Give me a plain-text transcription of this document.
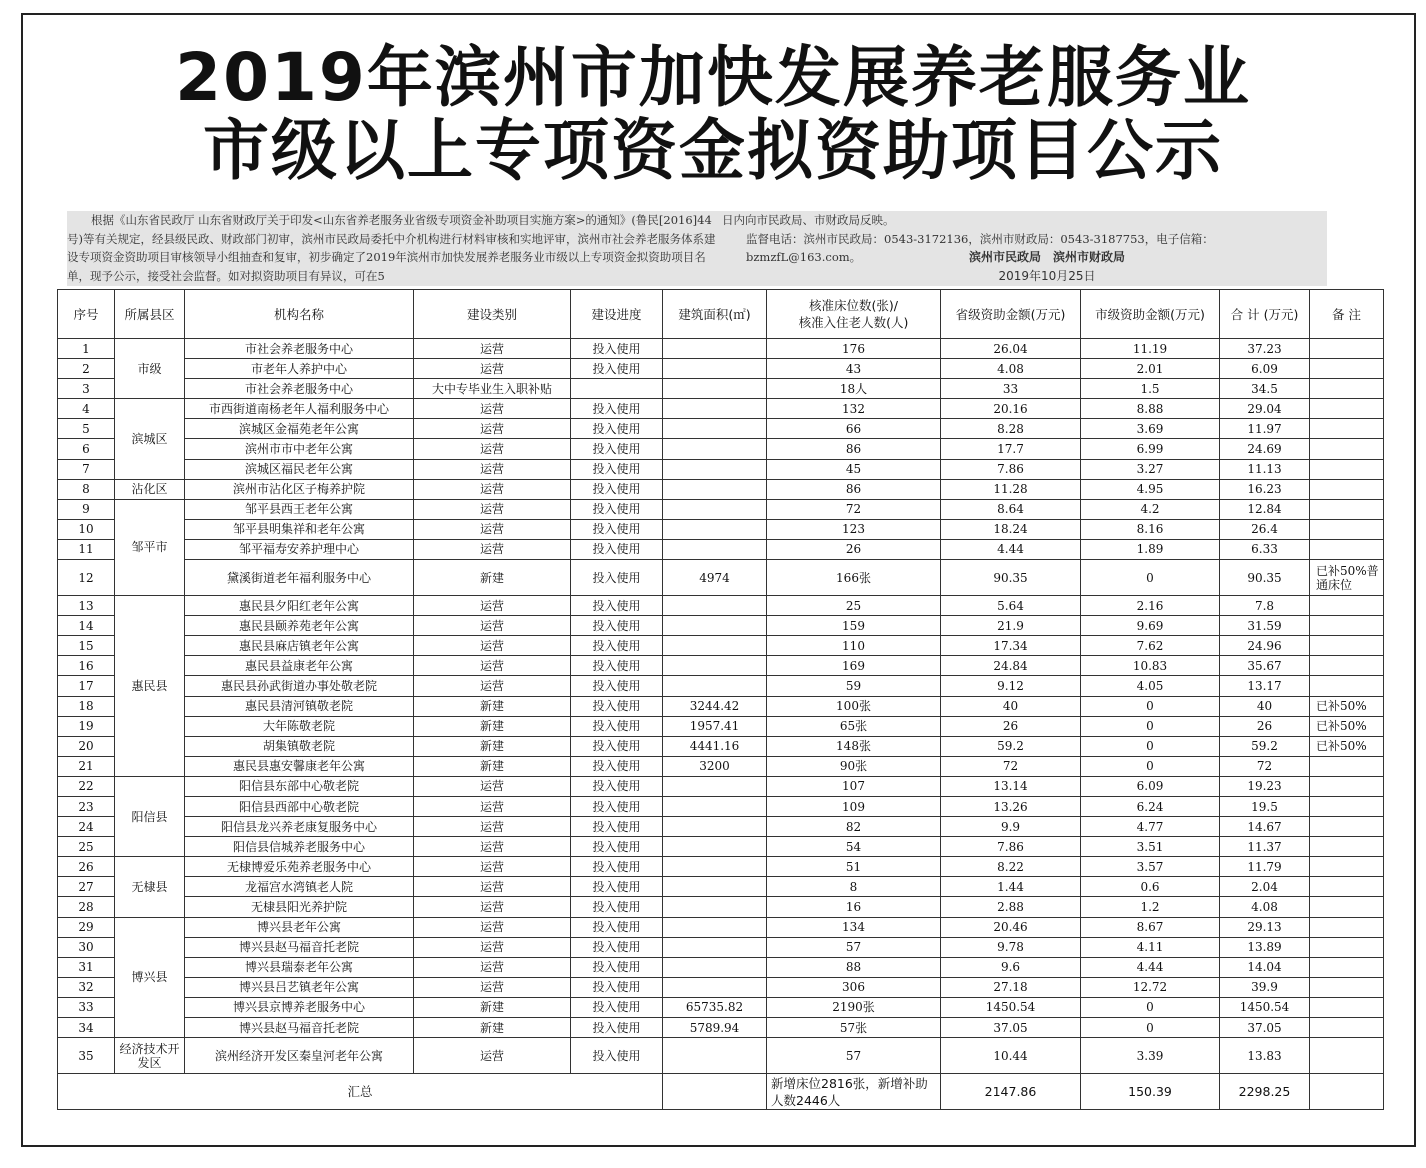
2019年滨州市加快发展养老服务业
市级以上专项资金拟资助项目公示
根据《山东省民政厅 山东省财政厅关于印发<山东省养老服务业省级专项资金补助项目实施方案>的通知》(鲁民[2016]44号)等有关规定，经县级民政、财政部门初审，滨州市民政局委托中介机构进行材料审核和实地评审，滨州市社会养老服务体系建设专项资金资助项目审核领导小组抽查和复审，初步确定了2019年滨州市加快发展养老服务业市级以上专项资金拟资助项目名单，现予公示，接受社会监督。如对拟资助项目有异议，可在5
日内向市民政局、市财政局反映。
监督电话：滨州市民政局：0543-3172136，滨州市财政局：0543-3187753，电子信箱：bzmzfL@163.com。	滨州市民政局　滨州市财政局
2019年10月25日
序号	所属县区	机构名称	建设类别	建设进度	建筑面积(㎡)	核准床位数(张)/
核准入住老人数(人)	省级资助金额(万元)	市级资助金额(万元)	合 计 (万元)	备 注
1	市级	市社会养老服务中心	运营	投入使用		176	26.04	11.19	37.23	
2		市老年人养护中心	运营	投入使用		43	4.08	2.01	6.09	
3		市社会养老服务中心	大中专毕业生入职补贴			18人	33	1.5	34.5	
4	滨城区	市西街道南杨老年人福利服务中心	运营	投入使用		132	20.16	8.88	29.04	
5		滨城区金福苑老年公寓	运营	投入使用		66	8.28	3.69	11.97	
6		滨州市市中老年公寓	运营	投入使用		86	17.7	6.99	24.69	
7		滨城区福民老年公寓	运营	投入使用		45	7.86	3.27	11.13	
8	沾化区	滨州市沾化区子梅养护院	运营	投入使用		86	11.28	4.95	16.23	
9	邹平市	邹平县西王老年公寓	运营	投入使用		72	8.64	4.2	12.84	
10		邹平县明集祥和老年公寓	运营	投入使用		123	18.24	8.16	26.4	
11		邹平福寿安养护理中心	运营	投入使用		26	4.44	1.89	6.33	
12		黛溪街道老年福利服务中心	新建	投入使用	4974	166张	90.35	0	90.35	已补50%普通床位
13	惠民县	惠民县夕阳红老年公寓	运营	投入使用		25	5.64	2.16	7.8	
14		惠民县颐养苑老年公寓	运营	投入使用		159	21.9	9.69	31.59	
15		惠民县麻店镇老年公寓	运营	投入使用		110	17.34	7.62	24.96	
16		惠民县益康老年公寓	运营	投入使用		169	24.84	10.83	35.67	
17		惠民县孙武街道办事处敬老院	运营	投入使用		59	9.12	4.05	13.17	
18		惠民县清河镇敬老院	新建	投入使用	3244.42	100张	40	0	40	已补50%
19		大年陈敬老院	新建	投入使用	1957.41	65张	26	0	26	已补50%
20		胡集镇敬老院	新建	投入使用	4441.16	148张	59.2	0	59.2	已补50%
21		惠民县惠安馨康老年公寓	新建	投入使用	3200	90张	72	0	72	
22	阳信县	阳信县东部中心敬老院	运营	投入使用		107	13.14	6.09	19.23	
23		阳信县西部中心敬老院	运营	投入使用		109	13.26	6.24	19.5	
24		阳信县龙兴养老康复服务中心	运营	投入使用		82	9.9	4.77	14.67	
25		阳信县信城养老服务中心	运营	投入使用		54	7.86	3.51	11.37	
26	无棣县	无棣博爱乐苑养老服务中心	运营	投入使用		51	8.22	3.57	11.79	
27		龙福宫水湾镇老人院	运营	投入使用		8	1.44	0.6	2.04	
28		无棣县阳光养护院	运营	投入使用		16	2.88	1.2	4.08	
29	博兴县	博兴县老年公寓	运营	投入使用		134	20.46	8.67	29.13	
30		博兴县赵马福音托老院	运营	投入使用		57	9.78	4.11	13.89	
31		博兴县瑞泰老年公寓	运营	投入使用		88	9.6	4.44	14.04	
32		博兴县吕艺镇老年公寓	运营	投入使用		306	27.18	12.72	39.9	
33		博兴县京博养老服务中心	新建	投入使用	65735.82	2190张	1450.54	0	1450.54	
34		博兴县赵马福音托老院	新建	投入使用	5789.94	57张	37.05	0	37.05	
35	经济技术开发区	滨州经济开发区秦皇河老年公寓	运营	投入使用		57	10.44	3.39	13.83	
汇总						新增床位2816张，新增补助人数2446人	2147.86	150.39	2298.25	
